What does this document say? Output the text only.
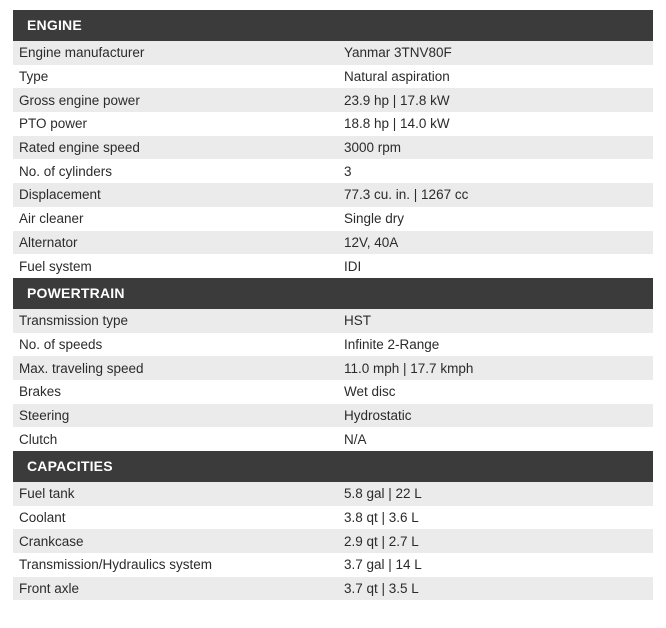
ENGINE
Engine manufacturer	Yanmar 3TNV80F
Type	Natural aspiration
Gross engine power	23.9 hp | 17.8 kW
PTO power	18.8 hp | 14.0 kW
Rated engine speed	3000 rpm
No. of cylinders	3
Displacement	77.3 cu. in. | 1267 cc
Air cleaner	Single dry
Alternator	12V, 40A
Fuel system	IDI
POWERTRAIN
Transmission type	HST
No. of speeds	Infinite 2-Range
Max. traveling speed	11.0 mph | 17.7 kmph
Brakes	Wet disc
Steering	Hydrostatic
Clutch	N/A
CAPACITIES
Fuel tank	5.8 gal | 22 L
Coolant	3.8 qt | 3.6 L
Crankcase	2.9 qt | 2.7 L
Transmission/Hydraulics system	3.7 gal | 14 L
Front axle	3.7 qt | 3.5 L
